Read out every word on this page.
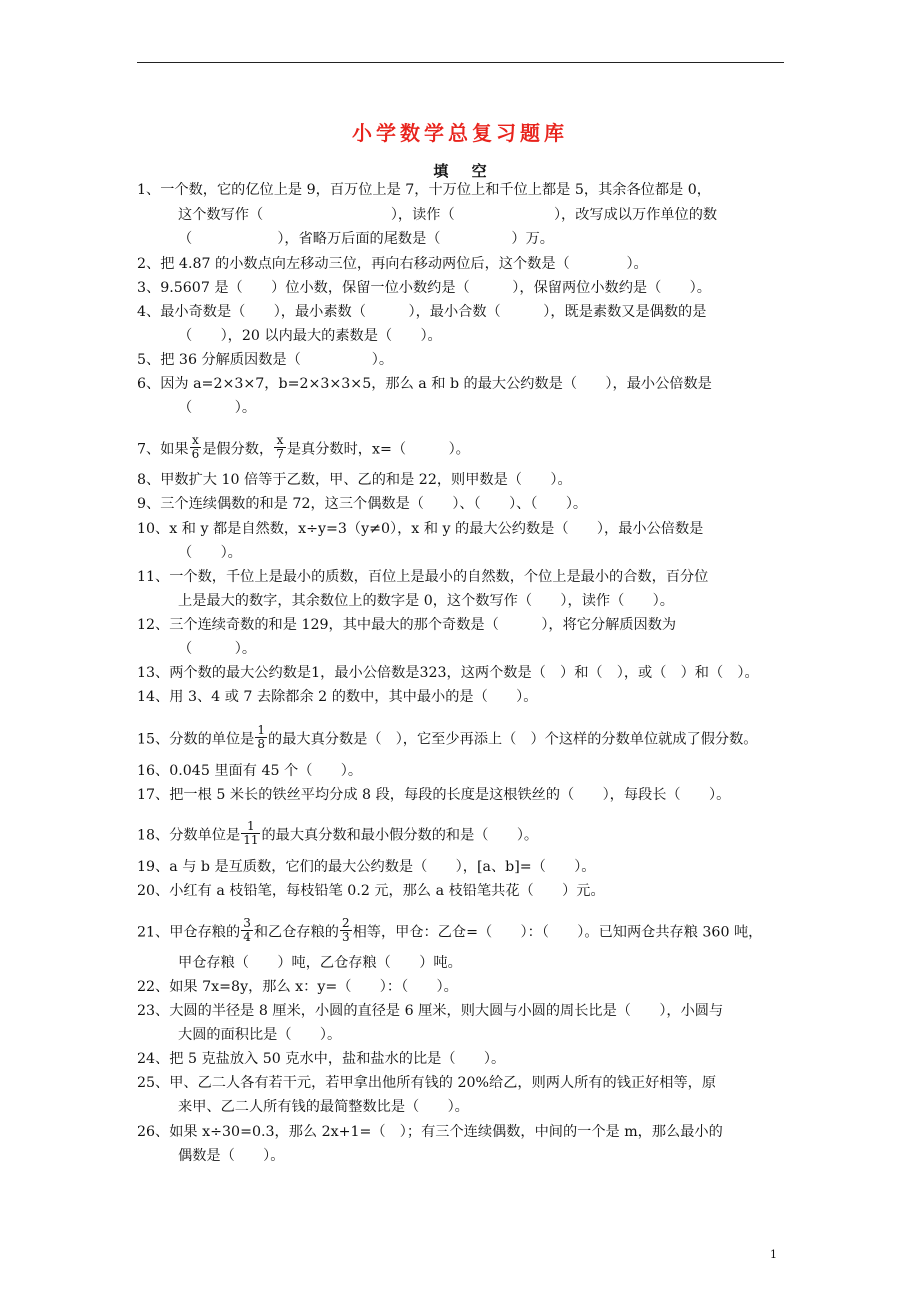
小学数学总复习题库
填 空
1、一个数，它的亿位上是 9，百万位上是 7，十万位上和千位上都是 5，其余各位都是 0，
这个数写作（　　　　　　　　　），读作（　　　　　　　），改写成以万作单位的数
（　　　　　　），省略万后面的尾数是（　　　　　）万。
2、把 4.87 的小数点向左移动三位，再向右移动两位后，这个数是（　　　　）。
3、9.5607 是（　　）位小数，保留一位小数约是（　　　），保留两位小数约是（　　）。
4、最小奇数是（　　），最小素数（　　　），最小合数（　　　），既是素数又是偶数的是
（　　），20 以内最大的素数是（　　）。
5、把 36 分解质因数是（　　　　　）。
6、因为 a=2×3×7，b=2×3×3×5，那么 a 和 b 的最大公约数是（　　），最小公倍数是
（　　　）。
7、如果 $\frac{x}{6}$ 是假分数， $\frac{x}{7}$ 是真分数时，x=（　　　）。
8、甲数扩大 10 倍等于乙数，甲、乙的和是 22，则甲数是（　　）。
9、三个连续偶数的和是 72，这三个偶数是（　　）、（　　）、（　　）。
10、x 和 y 都是自然数，x÷y=3（y≠0），x 和 y 的最大公约数是（　　），最小公倍数是
（　　）。
11、一个数，千位上是最小的质数，百位上是最小的自然数，个位上是最小的合数，百分位
上是最大的数字，其余数位上的数字是 0，这个数写作（　　），读作（　　）。
12、三个连续奇数的和是 129，其中最大的那个奇数是（　　　），将它分解质因数为
（　　　）。
13、两个数的最大公约数是1，最小公倍数是323，这两个数是（　）和（　），或（　）和（　）。
14、用 3、4 或 7 去除都余 2 的数中，其中最小的是（　　）。
15、分数的单位是 $\frac{1}{8}$ 的最大真分数是（　），它至少再添上（　）个这样的分数单位就成了假分数。
16、0.045 里面有 45 个（　　）。
17、把一根 5 米长的铁丝平均分成 8 段，每段的长度是这根铁丝的（　　），每段长（　　）。
18、分数单位是 $\frac{1}{11}$ 的最大真分数和最小假分数的和是（　　）。
19、a 与 b 是互质数，它们的最大公约数是（　　），[a、b]=（　　）。
20、小红有 a 枝铅笔，每枝铅笔 0.2 元，那么 a 枝铅笔共花（　　）元。
21、甲仓存粮的 $\frac{3}{4}$ 和乙仓存粮的 $\frac{2}{3}$ 相等，甲仓：乙仓=（　　）：（　　）。已知两仓共存粮 360 吨，
甲仓存粮（　　）吨，乙仓存粮（　　）吨。
22、如果 7x=8y，那么 x：y=（　　）：（　　）。
23、大圆的半径是 8 厘米，小圆的直径是 6 厘米，则大圆与小圆的周长比是（　　），小圆与
大圆的面积比是（　　）。
24、把 5 克盐放入 50 克水中，盐和盐水的比是（　　）。
25、甲、乙二人各有若干元，若甲拿出他所有钱的 20%给乙，则两人所有的钱正好相等，原
来甲、乙二人所有钱的最简整数比是（　　）。
26、如果 x÷30=0.3，那么 2x+1=（　）；有三个连续偶数，中间的一个是 m，那么最小的
偶数是（　　）。
1
